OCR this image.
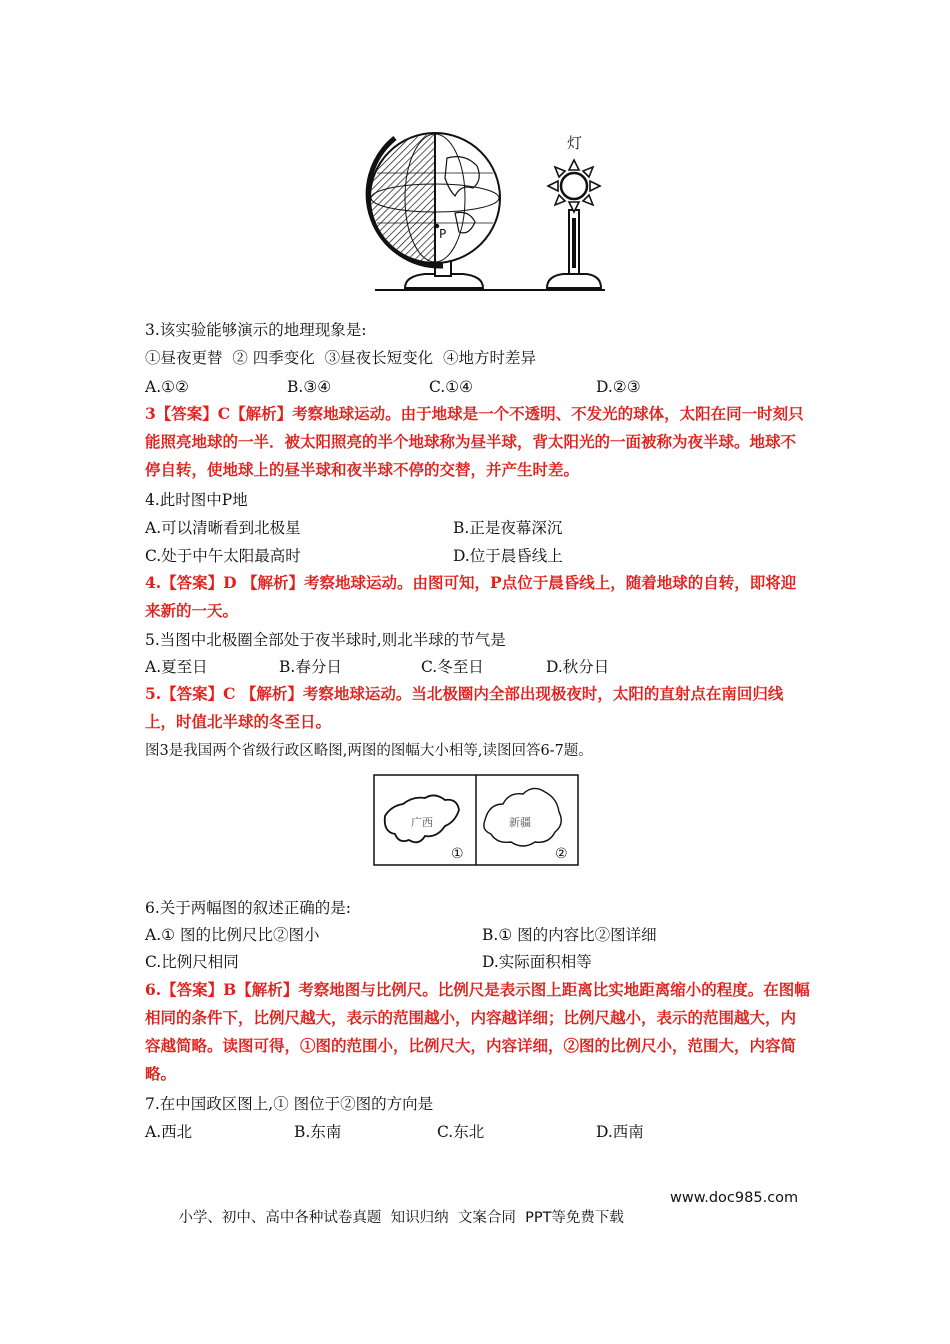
P
灯
3.该实验能够演示的地理现象是:
①昼夜更替  ② 四季变化  ③昼夜长短变化  ④地方时差异
A.①②	B.③④	C.①④	D.②③
3【答案】C【解析】考察地球运动。由于地球是一个不透明、不发光的球体，太阳在同一时刻只能照亮地球的一半．被太阳照亮的半个地球称为昼半球，背太阳光的一面被称为夜半球。地球不停自转，使地球上的昼半球和夜半球不停的交替，并产生时差。
4.此时图中P地
A.可以清晰看到北极星	B.正是夜幕深沉
C.处于中午太阳最高时	D.位于晨昏线上
4.【答案】D 【解析】考察地球运动。由图可知，P点位于晨昏线上，随着地球的自转，即将迎来新的一天。
5.当图中北极圈全部处于夜半球时,则北半球的节气是
A.夏至日	B.春分日	C.冬至日	D.秋分日
5.【答案】C 【解析】考察地球运动。当北极圈内全部出现极夜时，太阳的直射点在南回归线上，时值北半球的冬至日。
图3是我国两个省级行政区略图,两图的图幅大小相等,读图回答6-7题。
广西
①
新疆
②
6.关于两幅图的叙述正确的是:
A.① 图的比例尺比②图小	B.① 图的内容比②图详细
C.比例尺相同	D.实际面积相等
6.【答案】B【解析】考察地图与比例尺。比例尺是表示图上距离比实地距离缩小的程度。在图幅相同的条件下，比例尺越大，表示的范围越小，内容越详细；比例尺越小，表示的范围越大，内容越简略。读图可得，①图的范围小，比例尺大，内容详细，②图的比例尺小，范围大，内容简略。
7.在中国政区图上,① 图位于②图的方向是
A.西北	B.东南	C.东北	D.西南

小学、初中、高中各种试卷真题  知识归纳  文案合同  PPT等免费下载

www.doc985.com
